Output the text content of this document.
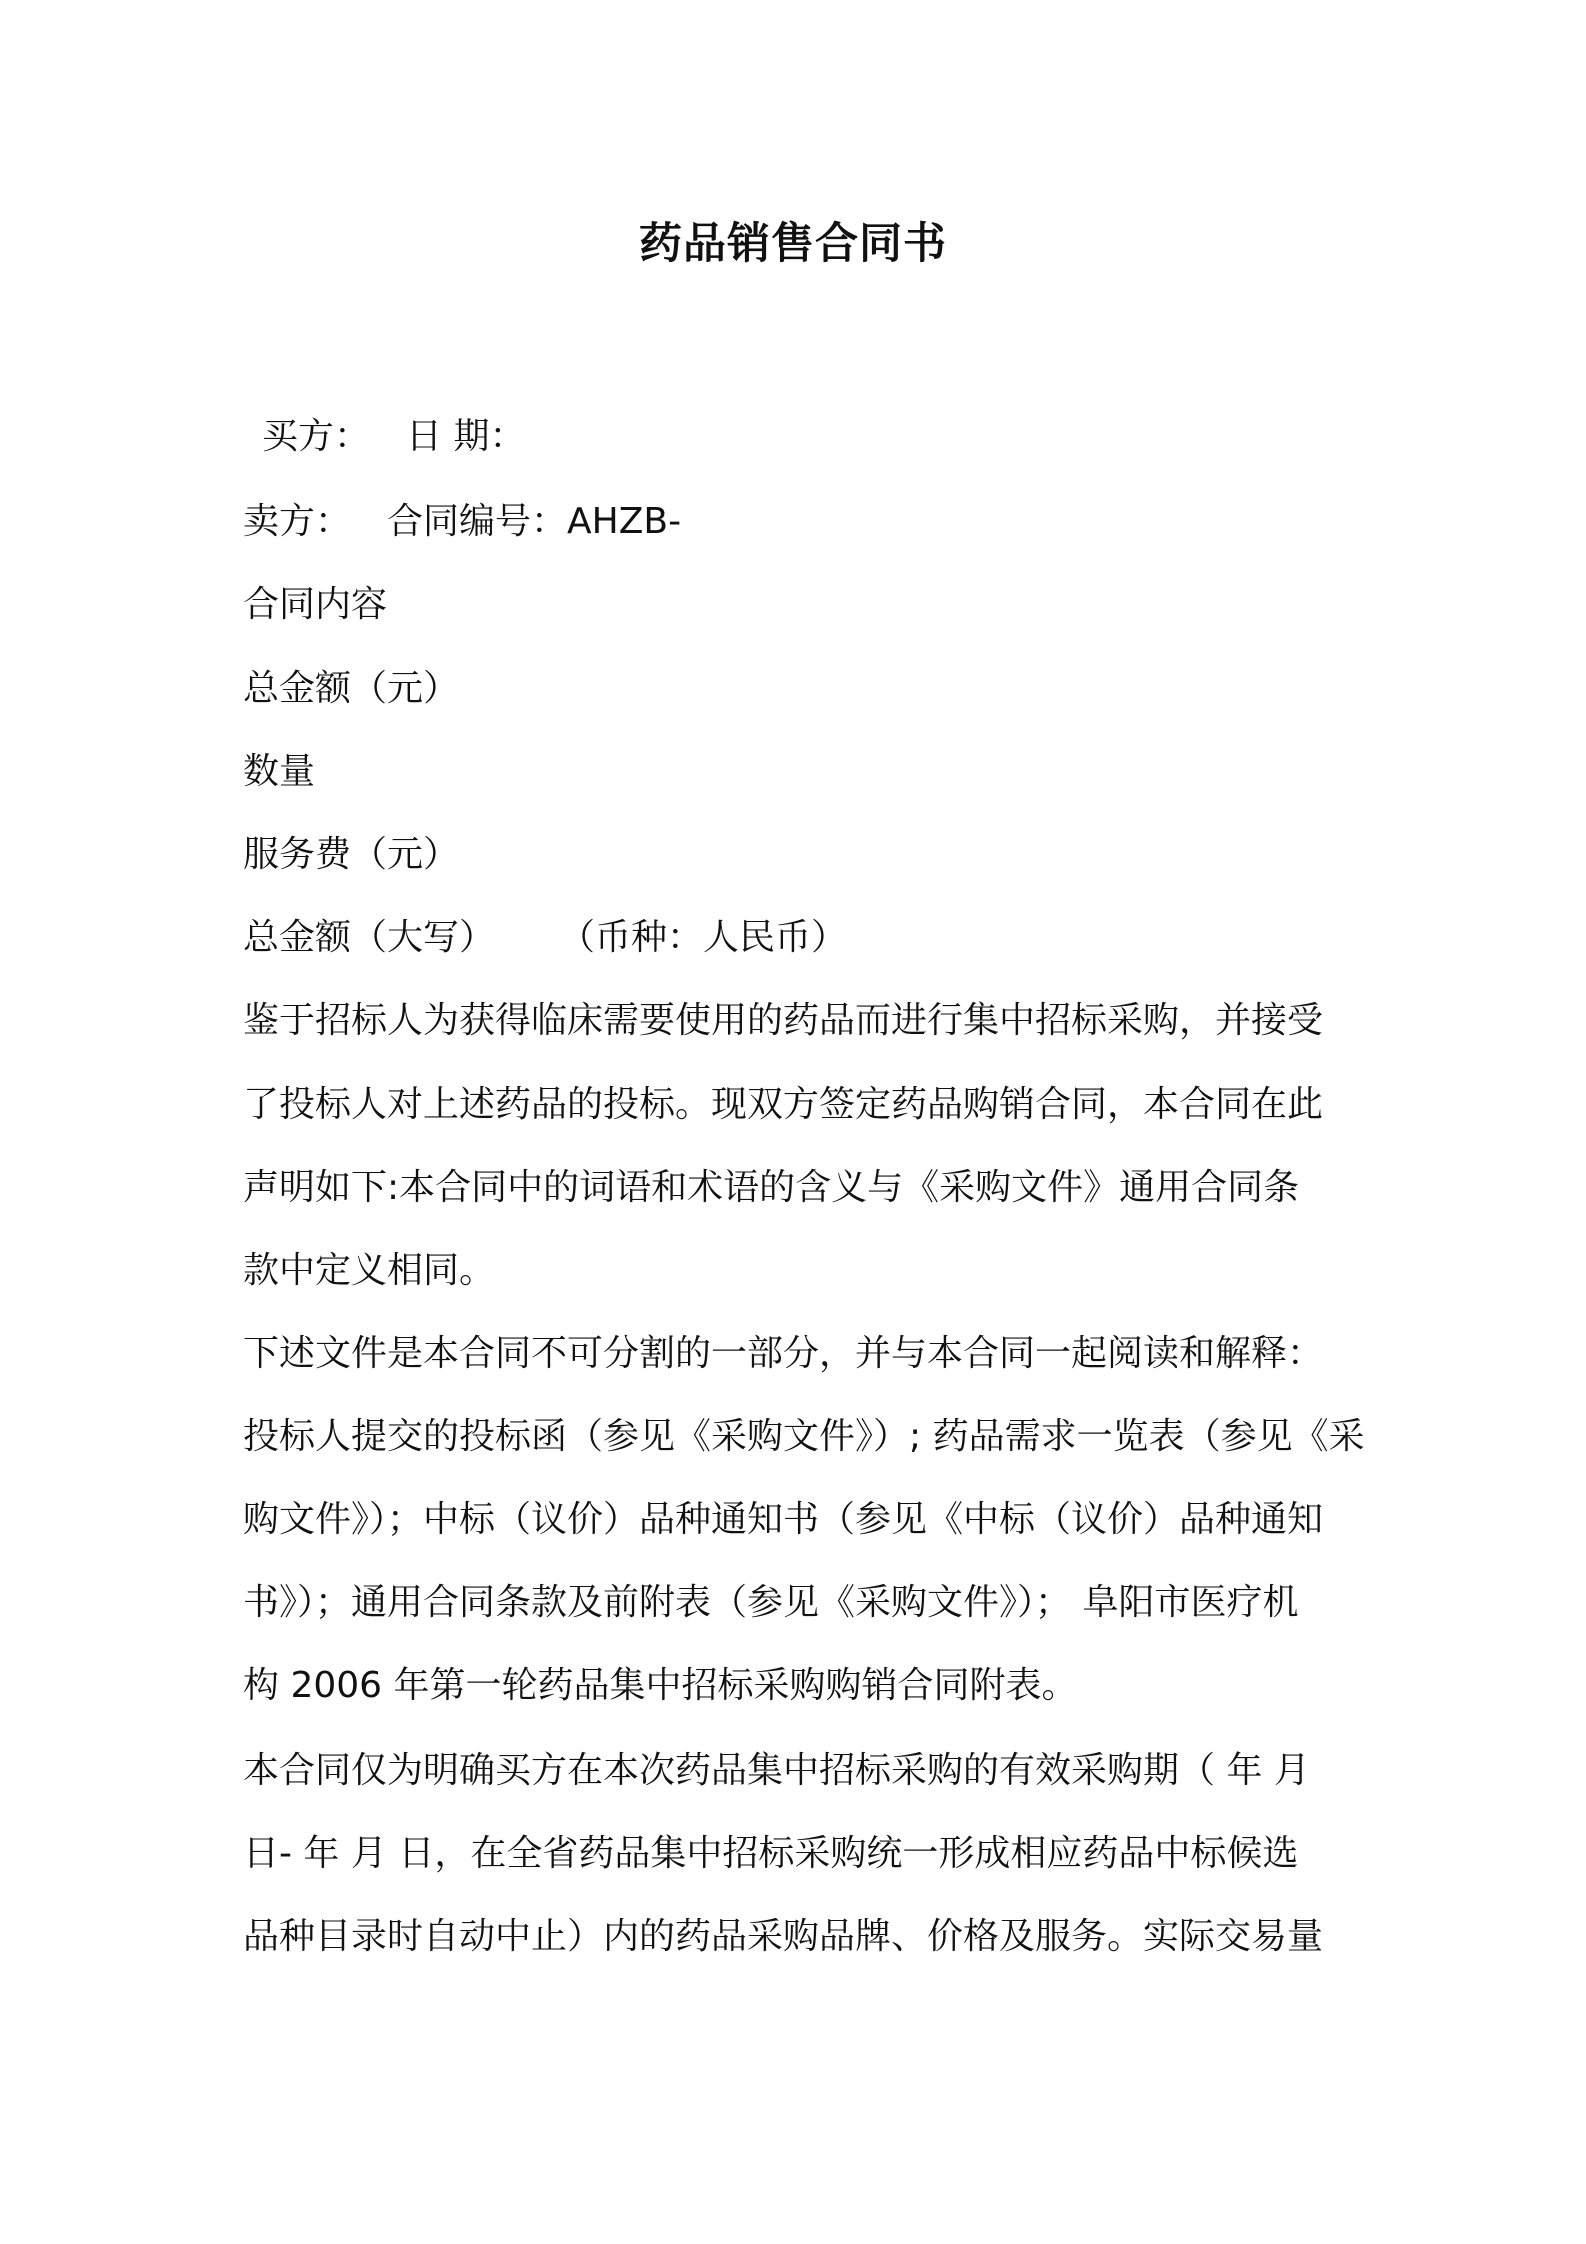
药品销售合同书
买方： 日 期：
卖方： 合同编号：AHZB-
合同内容
总金额（元）
数量
服务费（元）
总金额（大写） （币种：人民币）
鉴于招标人为获得临床需要使用的药品而进行集中招标采购，并接受
了投标人对上述药品的投标。现双方签定药品购销合同，本合同在此
声明如下:本合同中的词语和术语的含义与《采购文件》通用合同条
款中定义相同。
下述文件是本合同不可分割的一部分，并与本合同一起阅读和解释：
投标人提交的投标函（参见《采购文件》）; 药品需求一览表（参见《采
购文件》）；中标（议价）品种通知书（参见《中标（议价）品种通知
书》）；通用合同条款及前附表（参见《采购文件》）； 阜阳市医疗机
构 2006 年第一轮药品集中招标采购购销合同附表。
本合同仅为明确买方在本次药品集中招标采购的有效采购期（ 年 月
日- 年 月 日，在全省药品集中招标采购统一形成相应药品中标候选
品种目录时自动中止）内的药品采购品牌、价格及服务。实际交易量
